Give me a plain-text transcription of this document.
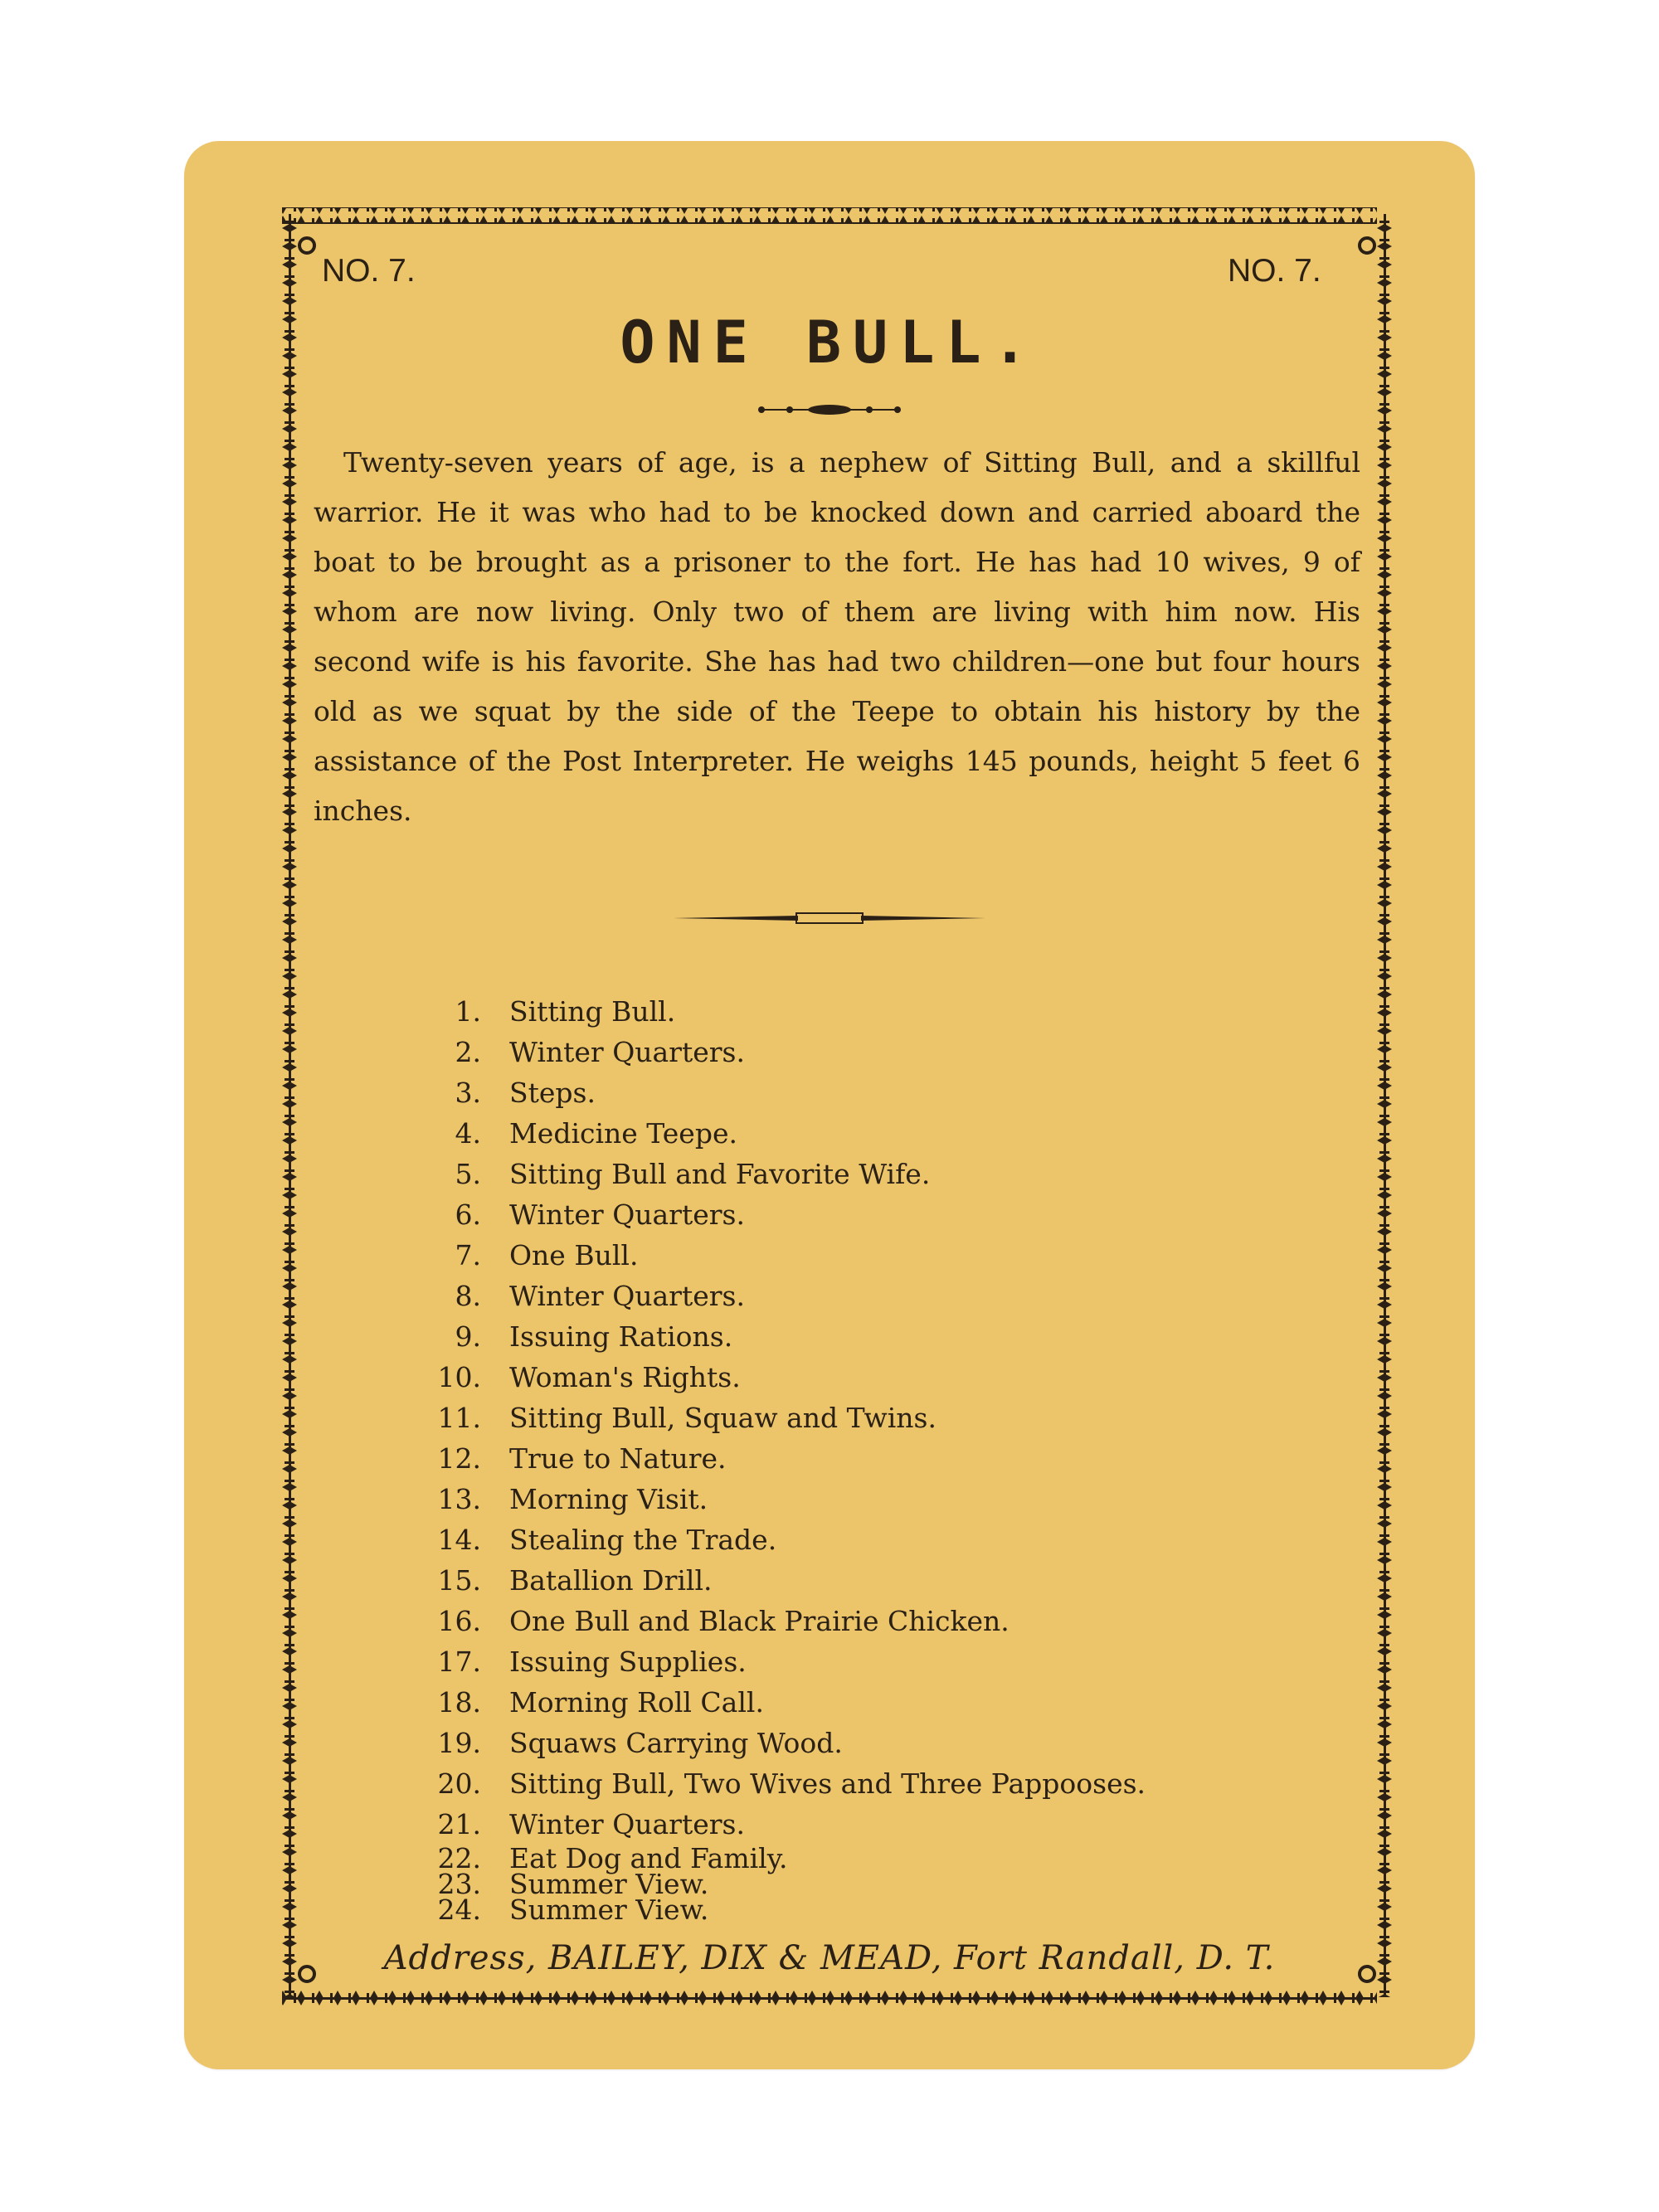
NO. 7.	NO. 7.
ONE BULL.
Twenty-seven years of age, is a nephew of Sitting Bull, and a skillful warrior. He it was who had to be knocked down and carried aboard the boat to be brought as a prisoner to the fort. He has had 10 wives, 9 of whom are now living. Only two of them are living with him now. His second wife is his favorite. She has had two children—one but four hours old as we squat by the side of the Teepe to obtain his history by the assistance of the Post Interpreter. He weighs 145 pounds, height 5 feet 6 inches.
1. Sitting Bull.
2. Winter Quarters.
3. Steps.
4. Medicine Teepe.
5. Sitting Bull and Favorite Wife.
6. Winter Quarters.
7. One Bull.
8. Winter Quarters.
9. Issuing Rations.
10. Woman's Rights.
11. Sitting Bull, Squaw and Twins.
12. True to Nature.
13. Morning Visit.
14. Stealing the Trade.
15. Batallion Drill.
16. One Bull and Black Prairie Chicken.
17. Issuing Supplies.
18. Morning Roll Call.
19. Squaws Carrying Wood.
20. Sitting Bull, Two Wives and Three Pappooses.
21. Winter Quarters.
22. Eat Dog and Family.
23. Summer View.
24. Summer View.
Address, BAILEY, DIX & MEAD, Fort Randall, D. T.
